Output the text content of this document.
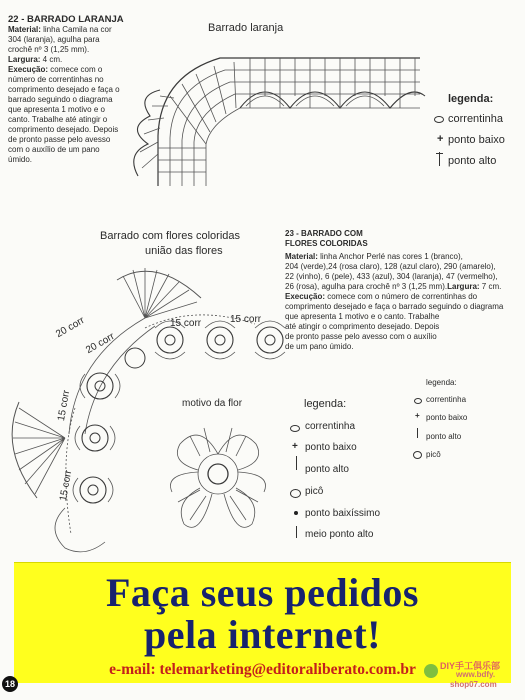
22 - BARRADO LARANJA
Material: linha Camila na cor
304 (laranja), agulha para
crochê nº 3 (1,25 mm).
Largura: 4 cm.
Execução: comece com o
número de correntinhas no
comprimento desejado e faça o
barrado seguindo o diagrama
que apresenta 1 motivo e o
canto. Trabalhe até atingir o
comprimento desejado. Depois
de pronto passe pelo avesso
com o auxílio de um pano
úmido.
Barrado laranja
legenda:
correntinha
+ ponto baixo
ponto alto
Barrado com flores coloridas
união das flores
15 corr	15 corr
20 corr
20 corr
15 corr
15 corr
23 - BARRADO COM
FLORES COLORIDAS
Material: linha Anchor Perlé nas cores 1 (branco),
204 (verde),24 (rosa claro), 128 (azul claro), 290 (amarelo),
22 (vinho), 6 (pele), 433 (azul), 304 (laranja), 47 (vermelho),
26 (rosa), agulha para crochê nº 3 (1,25 mm).Largura: 7 cm.
Execução: comece com o número de correntinhas do
comprimento desejado e faça o barrado seguindo o diagrama
que apresenta 1 motivo e o canto. Trabalhe
até atingir o comprimento desejado. Depois
de pronto passe pelo avesso com o auxílio
de um pano úmido.
legenda:
correntinha
+ ponto baixo
ponto alto
picô
motivo da flor	legenda:
correntinha
+ ponto baixo
ponto alto
picô
ponto baixíssimo
meio ponto alto
Faça seus pedidos
pela internet!
e-mail: telemarketing@editoraliberato.com.br
18
DIY手工俱乐部
www.bdfy.
shop07.com
